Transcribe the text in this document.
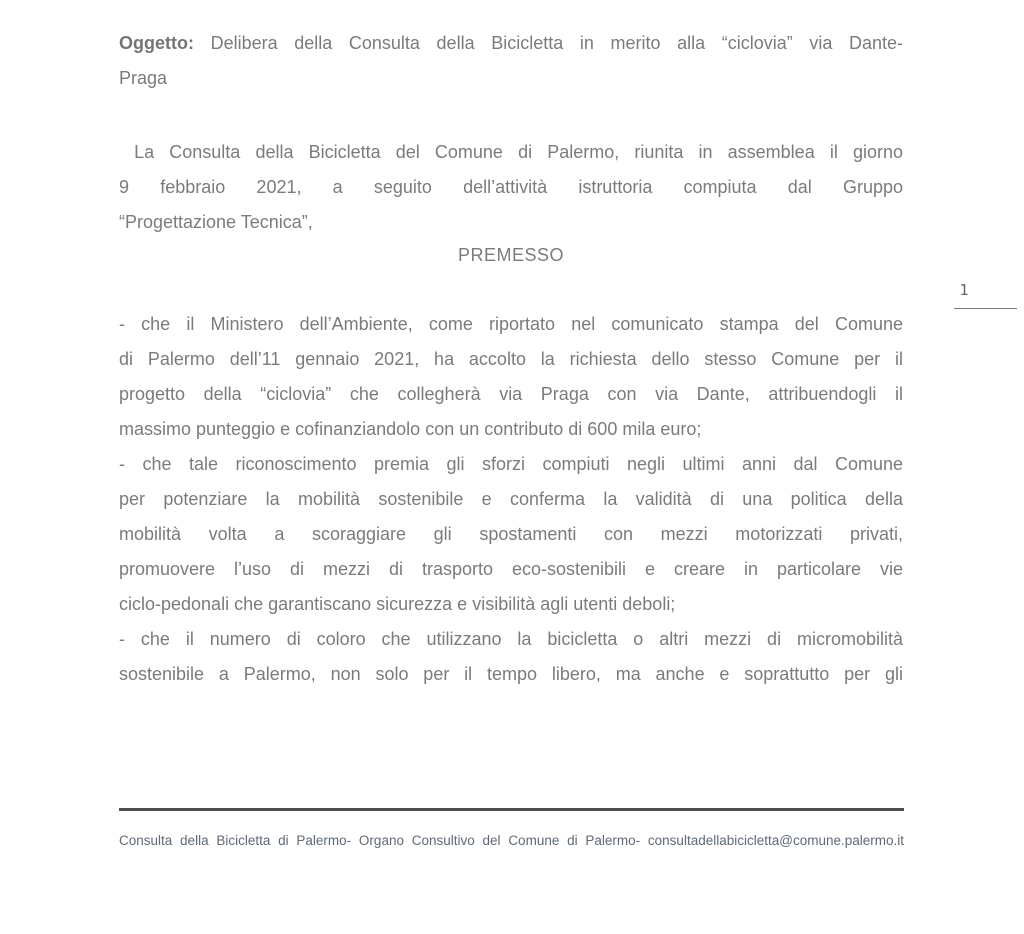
Oggetto: Delibera della Consulta della Bicicletta in merito alla “ciclovia” via Dante-
Praga
La Consulta della Bicicletta del Comune di Palermo, riunita in assemblea il giorno
9 febbraio 2021, a seguito dell’attività istruttoria compiuta dal Gruppo
“Progettazione Tecnica”,
PREMESSO
1
- che il Ministero dell’Ambiente, come riportato nel comunicato stampa del Comune
di Palermo dell’11 gennaio 2021, ha accolto la richiesta dello stesso Comune per il
progetto della “ciclovia” che collegherà via Praga con via Dante, attribuendogli il
massimo punteggio e cofinanziandolo con un contributo di 600 mila euro;
- che tale riconoscimento premia gli sforzi compiuti negli ultimi anni dal Comune
per potenziare la mobilità sostenibile e conferma la validità di una politica della
mobilità volta a scoraggiare gli spostamenti con mezzi motorizzati privati,
promuovere l’uso di mezzi di trasporto eco-sostenibili e creare in particolare vie
ciclo-pedonali che garantiscano sicurezza e visibilità agli utenti deboli;
- che il numero di coloro che utilizzano la bicicletta o altri mezzi di micromobilità
sostenibile a Palermo, non solo per il tempo libero, ma anche e soprattutto per gli
Consulta della Bicicletta di Palermo- Organo Consultivo del Comune di Palermo- consultadellabicicletta@comune.palermo.it
